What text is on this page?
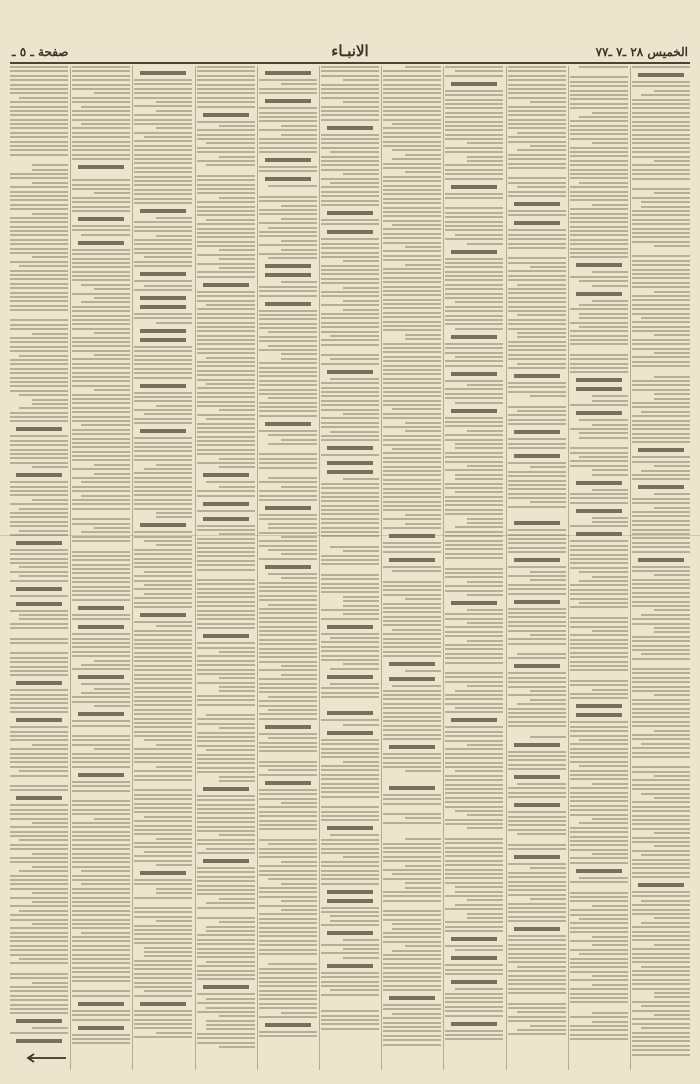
صفحة ـ ٥ ـ	الانبـاء	الخميس ٢٨ ـ٧ ـ٧٧
